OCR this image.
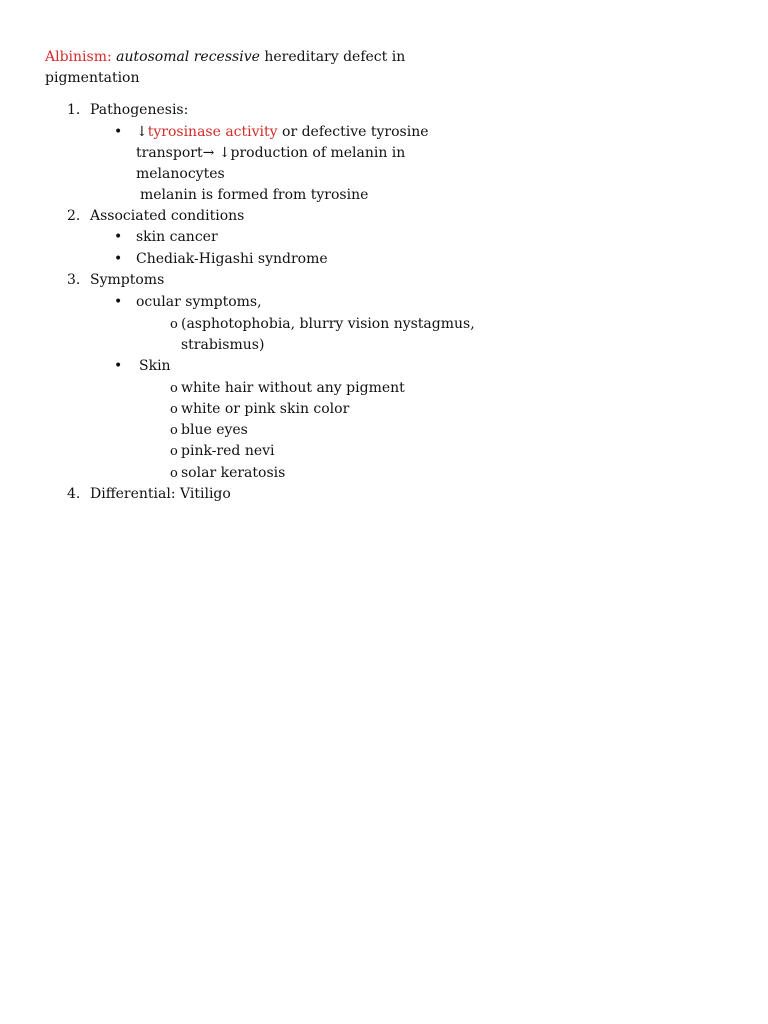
Albinism: autosomal recessive hereditary defect in
pigmentation
1. Pathogenesis:
• ↓tyrosinase activity or defective tyrosine
transport→ ↓production of melanin in
melanocytes
melanin is formed from tyrosine
2. Associated conditions
• skin cancer
• Chediak-Higashi syndrome
3. Symptoms
• ocular symptoms,
o (asphotophobia, blurry vision nystagmus,
strabismus)
• Skin
o white hair without any pigment
o white or pink skin color
o blue eyes
o pink-red nevi
o solar keratosis
4. Differential: Vitiligo
